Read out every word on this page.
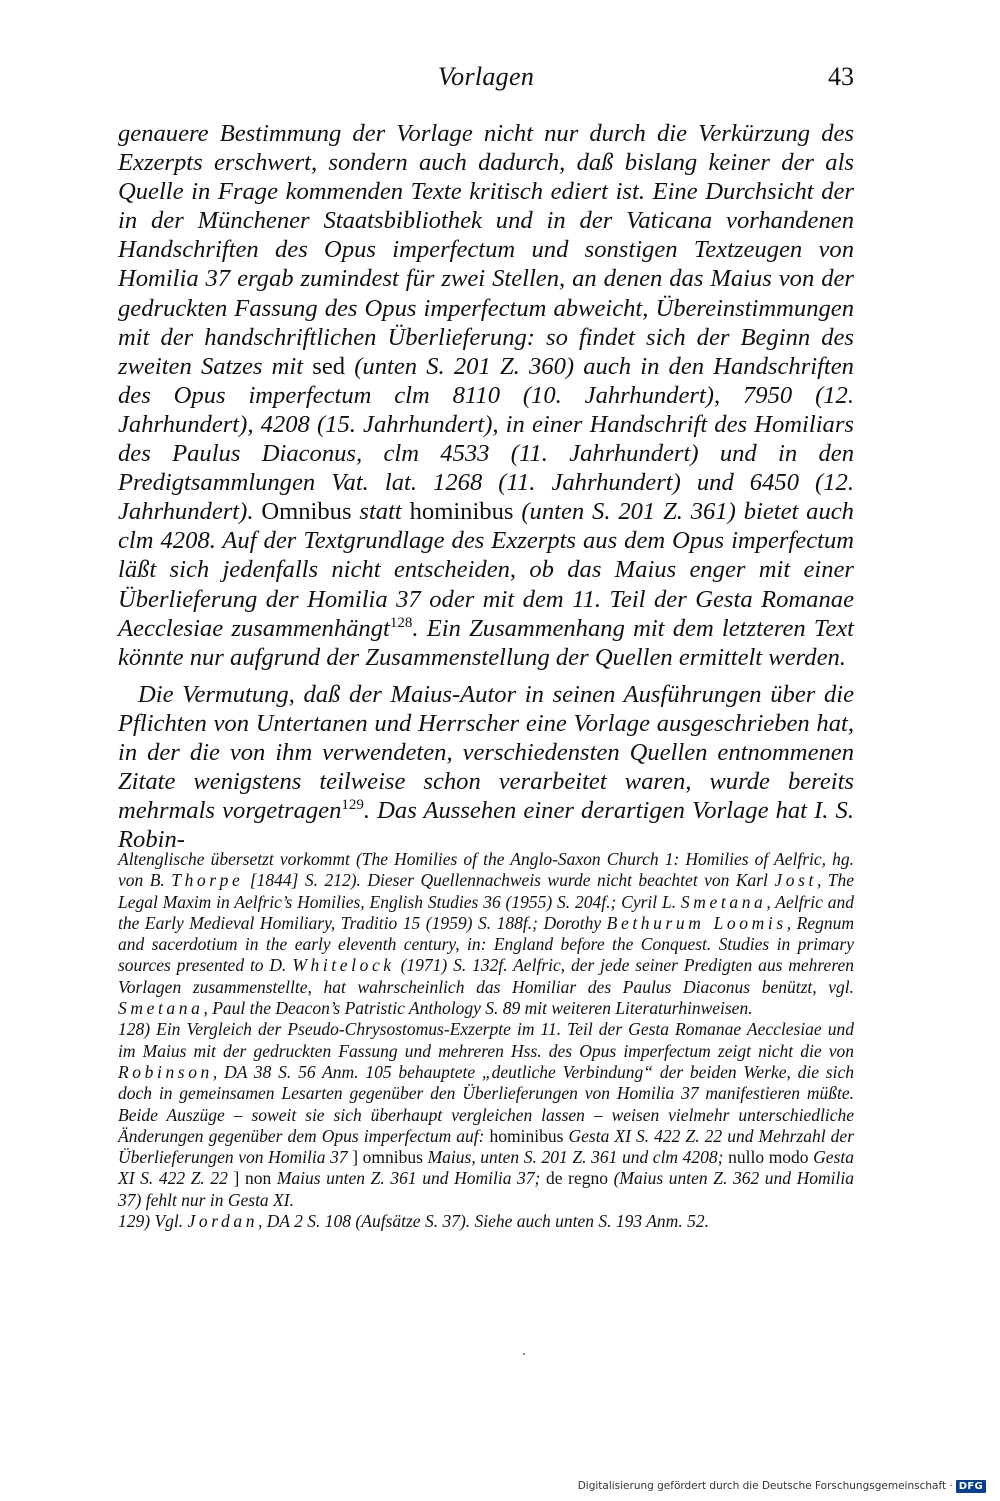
Vorlagen	43

genauere Bestimmung der Vorlage nicht nur durch die Verkürzung des Exzerpts erschwert, sondern auch dadurch, daß bislang keiner der als Quelle in Frage kommenden Texte kritisch ediert ist. Eine Durchsicht der in der Münchener Staatsbibliothek und in der Vaticana vorhandenen Handschriften des Opus imperfectum und sonstigen Textzeugen von Homilia 37 ergab zumindest für zwei Stellen, an denen das Maius von der gedruckten Fassung des Opus imperfectum abweicht, Übereinstimmungen mit der handschriftlichen Überlieferung: so findet sich der Beginn des zweiten Satzes mit sed (unten S. 201 Z. 360) auch in den Handschriften des Opus imperfectum clm 8110 (10. Jahrhundert), 7950 (12. Jahrhundert), 4208 (15. Jahrhundert), in einer Handschrift des Homiliars des Paulus Diaconus, clm 4533 (11. Jahrhundert) und in den Predigtsammlungen Vat. lat. 1268 (11. Jahrhundert) und 6450 (12. Jahrhundert). Omnibus statt hominibus (unten S. 201 Z. 361) bietet auch clm 4208. Auf der Textgrundlage des Exzerpts aus dem Opus imperfectum läßt sich jedenfalls nicht entscheiden, ob das Maius enger mit einer Überlieferung der Homilia 37 oder mit dem 11. Teil der Gesta Romanae Aecclesiae zusammenhängt$^{128}$. Ein Zusammenhang mit dem letzteren Text könnte nur aufgrund der Zusammenstellung der Quellen ermittelt werden.

Die Vermutung, daß der Maius-Autor in seinen Ausführungen über die Pflichten von Untertanen und Herrscher eine Vorlage ausgeschrieben hat, in der die von ihm verwendeten, verschiedensten Quellen entnommenen Zitate wenigstens teilweise schon verarbeitet waren, wurde bereits mehrmals vorgetragen$^{129}$. Das Aussehen einer derartigen Vorlage hat I. S. Robin-

Altenglische übersetzt vorkommt (The Homilies of the Anglo-Saxon Church 1: Homilies of Aelfric, hg. von B. Thorpe [1844] S. 212). Dieser Quellennachweis wurde nicht beachtet von Karl Jost, The Legal Maxim in Aelfric’s Homilies, English Studies 36 (1955) S. 204f.; Cyril L. Smetana, Aelfric and the Early Medieval Homiliary, Traditio 15 (1959) S. 188f.; Dorothy Bethurum Loomis, Regnum and sacerdotium in the early eleventh century, in: England before the Conquest. Studies in primary sources presented to D. Whitelock (1971) S. 132f. Aelfric, der jede seiner Predigten aus mehreren Vorlagen zusammenstellte, hat wahrscheinlich das Homiliar des Paulus Diaconus benützt, vgl. Smetana, Paul the Deacon’s Patristic Anthology S. 89 mit weiteren Literaturhinweisen.

128) Ein Vergleich der Pseudo-Chrysostomus-Exzerpte im 11. Teil der Gesta Romanae Aecclesiae und im Maius mit der gedruckten Fassung und mehreren Hss. des Opus imperfectum zeigt nicht die von Robinson, DA 38 S. 56 Anm. 105 behauptete „deutliche Verbindung“ der beiden Werke, die sich doch in gemeinsamen Lesarten gegenüber den Überlieferungen von Homilia 37 manifestieren müßte. Beide Auszüge – soweit sie sich überhaupt vergleichen lassen – weisen vielmehr unterschiedliche Änderungen gegenüber dem Opus imperfectum auf: hominibus Gesta XI S. 422 Z. 22 und Mehrzahl der Überlieferungen von Homilia 37 ] omnibus Maius, unten S. 201 Z. 361 und clm 4208; nullo modo Gesta XI S. 422 Z. 22 ] non Maius unten Z. 361 und Homilia 37; de regno (Maius unten Z. 362 und Homilia 37) fehlt nur in Gesta XI.

129) Vgl. Jordan, DA 2 S. 108 (Aufsätze S. 37). Siehe auch unten S. 193 Anm. 52.

Digitalisierung gefördert durch die Deutsche Forschungsgemeinschaft · DFG
